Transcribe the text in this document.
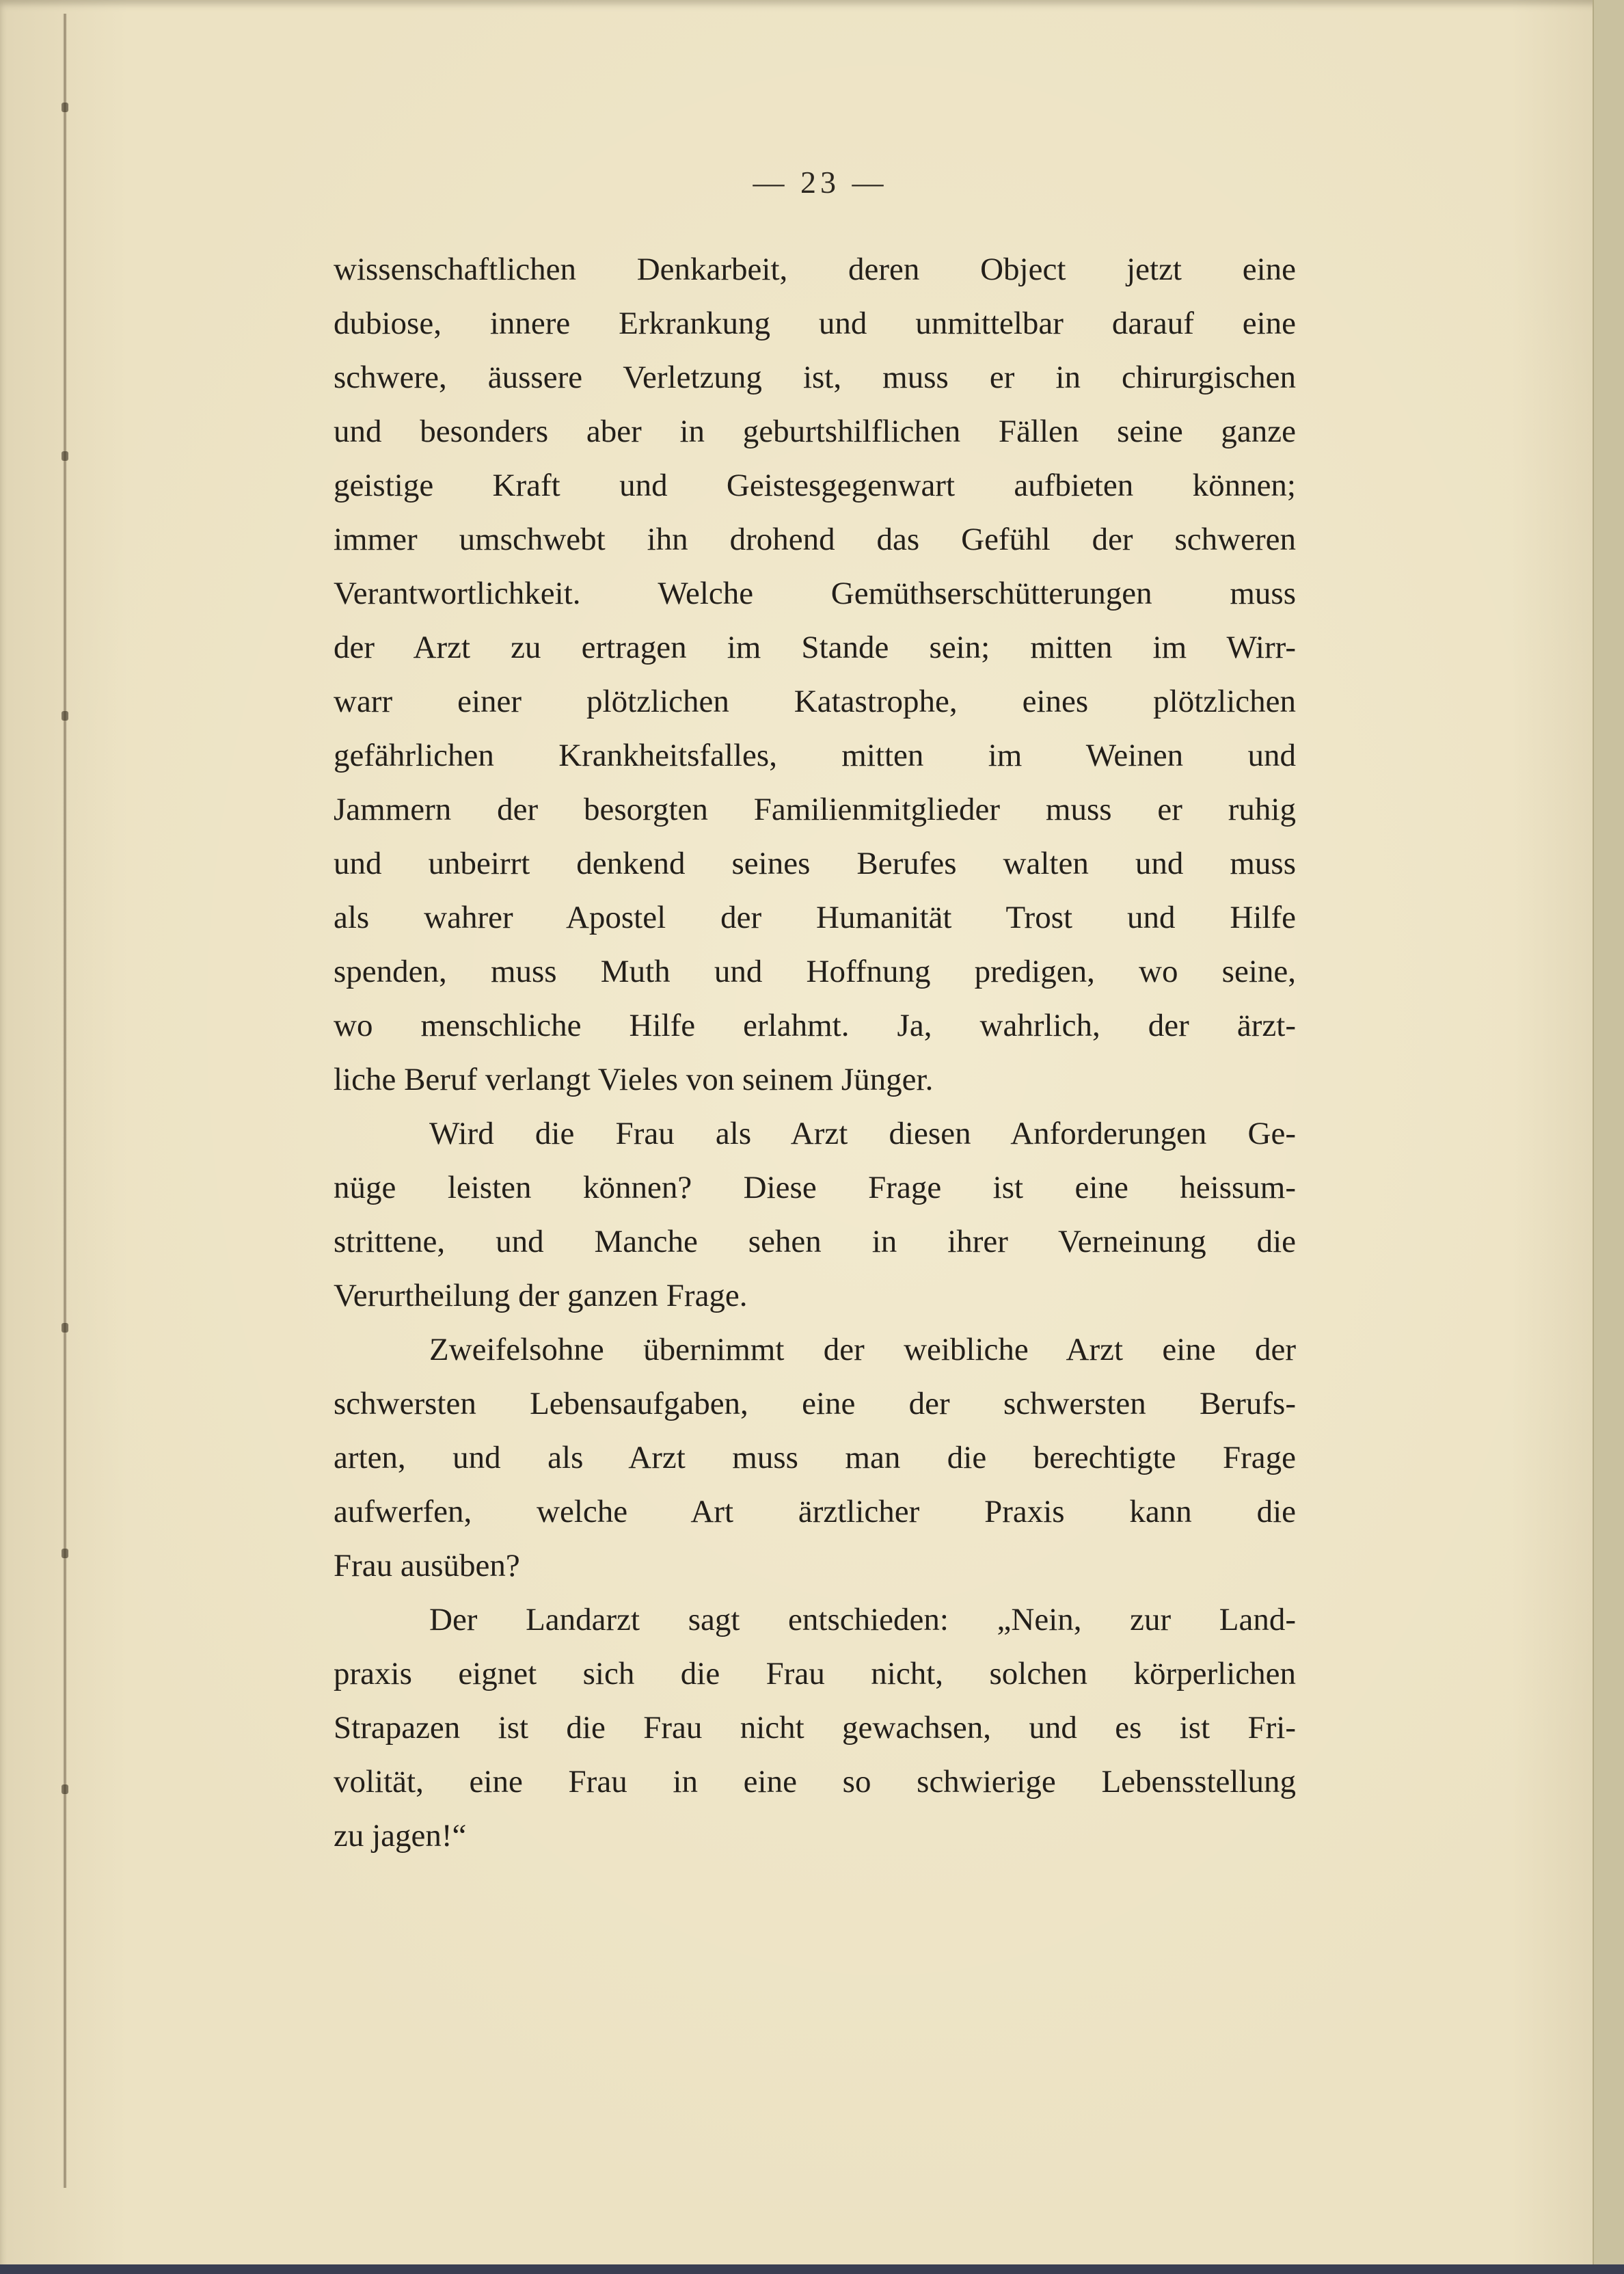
— 23 —
wissenschaftlichen Denkarbeit, deren Object jetzt eine
dubiose, innere Erkrankung und unmittelbar darauf eine
schwere, äussere Verletzung ist, muss er in chirurgischen
und besonders aber in geburtshilflichen Fällen seine ganze
geistige Kraft und Geistesgegenwart aufbieten können;
immer umschwebt ihn drohend das Gefühl der schweren
Verantwortlichkeit. Welche Gemüthserschütterungen muss
der Arzt zu ertragen im Stande sein; mitten im Wirr-
warr einer plötzlichen Katastrophe, eines plötzlichen
gefährlichen Krankheitsfalles, mitten im Weinen und
Jammern der besorgten Familienmitglieder muss er ruhig
und unbeirrt denkend seines Berufes walten und muss
als wahrer Apostel der Humanität Trost und Hilfe
spenden, muss Muth und Hoffnung predigen, wo seine,
wo menschliche Hilfe erlahmt. Ja, wahrlich, der ärzt-
liche Beruf verlangt Vieles von seinem Jünger.
Wird die Frau als Arzt diesen Anforderungen Ge-
nüge leisten können? Diese Frage ist eine heissum-
strittene, und Manche sehen in ihrer Verneinung die
Verurtheilung der ganzen Frage.
Zweifelsohne übernimmt der weibliche Arzt eine der
schwersten Lebensaufgaben, eine der schwersten Berufs-
arten, und als Arzt muss man die berechtigte Frage
aufwerfen, welche Art ärztlicher Praxis kann die
Frau ausüben?
Der Landarzt sagt entschieden: „Nein, zur Land-
praxis eignet sich die Frau nicht, solchen körperlichen
Strapazen ist die Frau nicht gewachsen, und es ist Fri-
volität, eine Frau in eine so schwierige Lebensstellung
zu jagen!“
